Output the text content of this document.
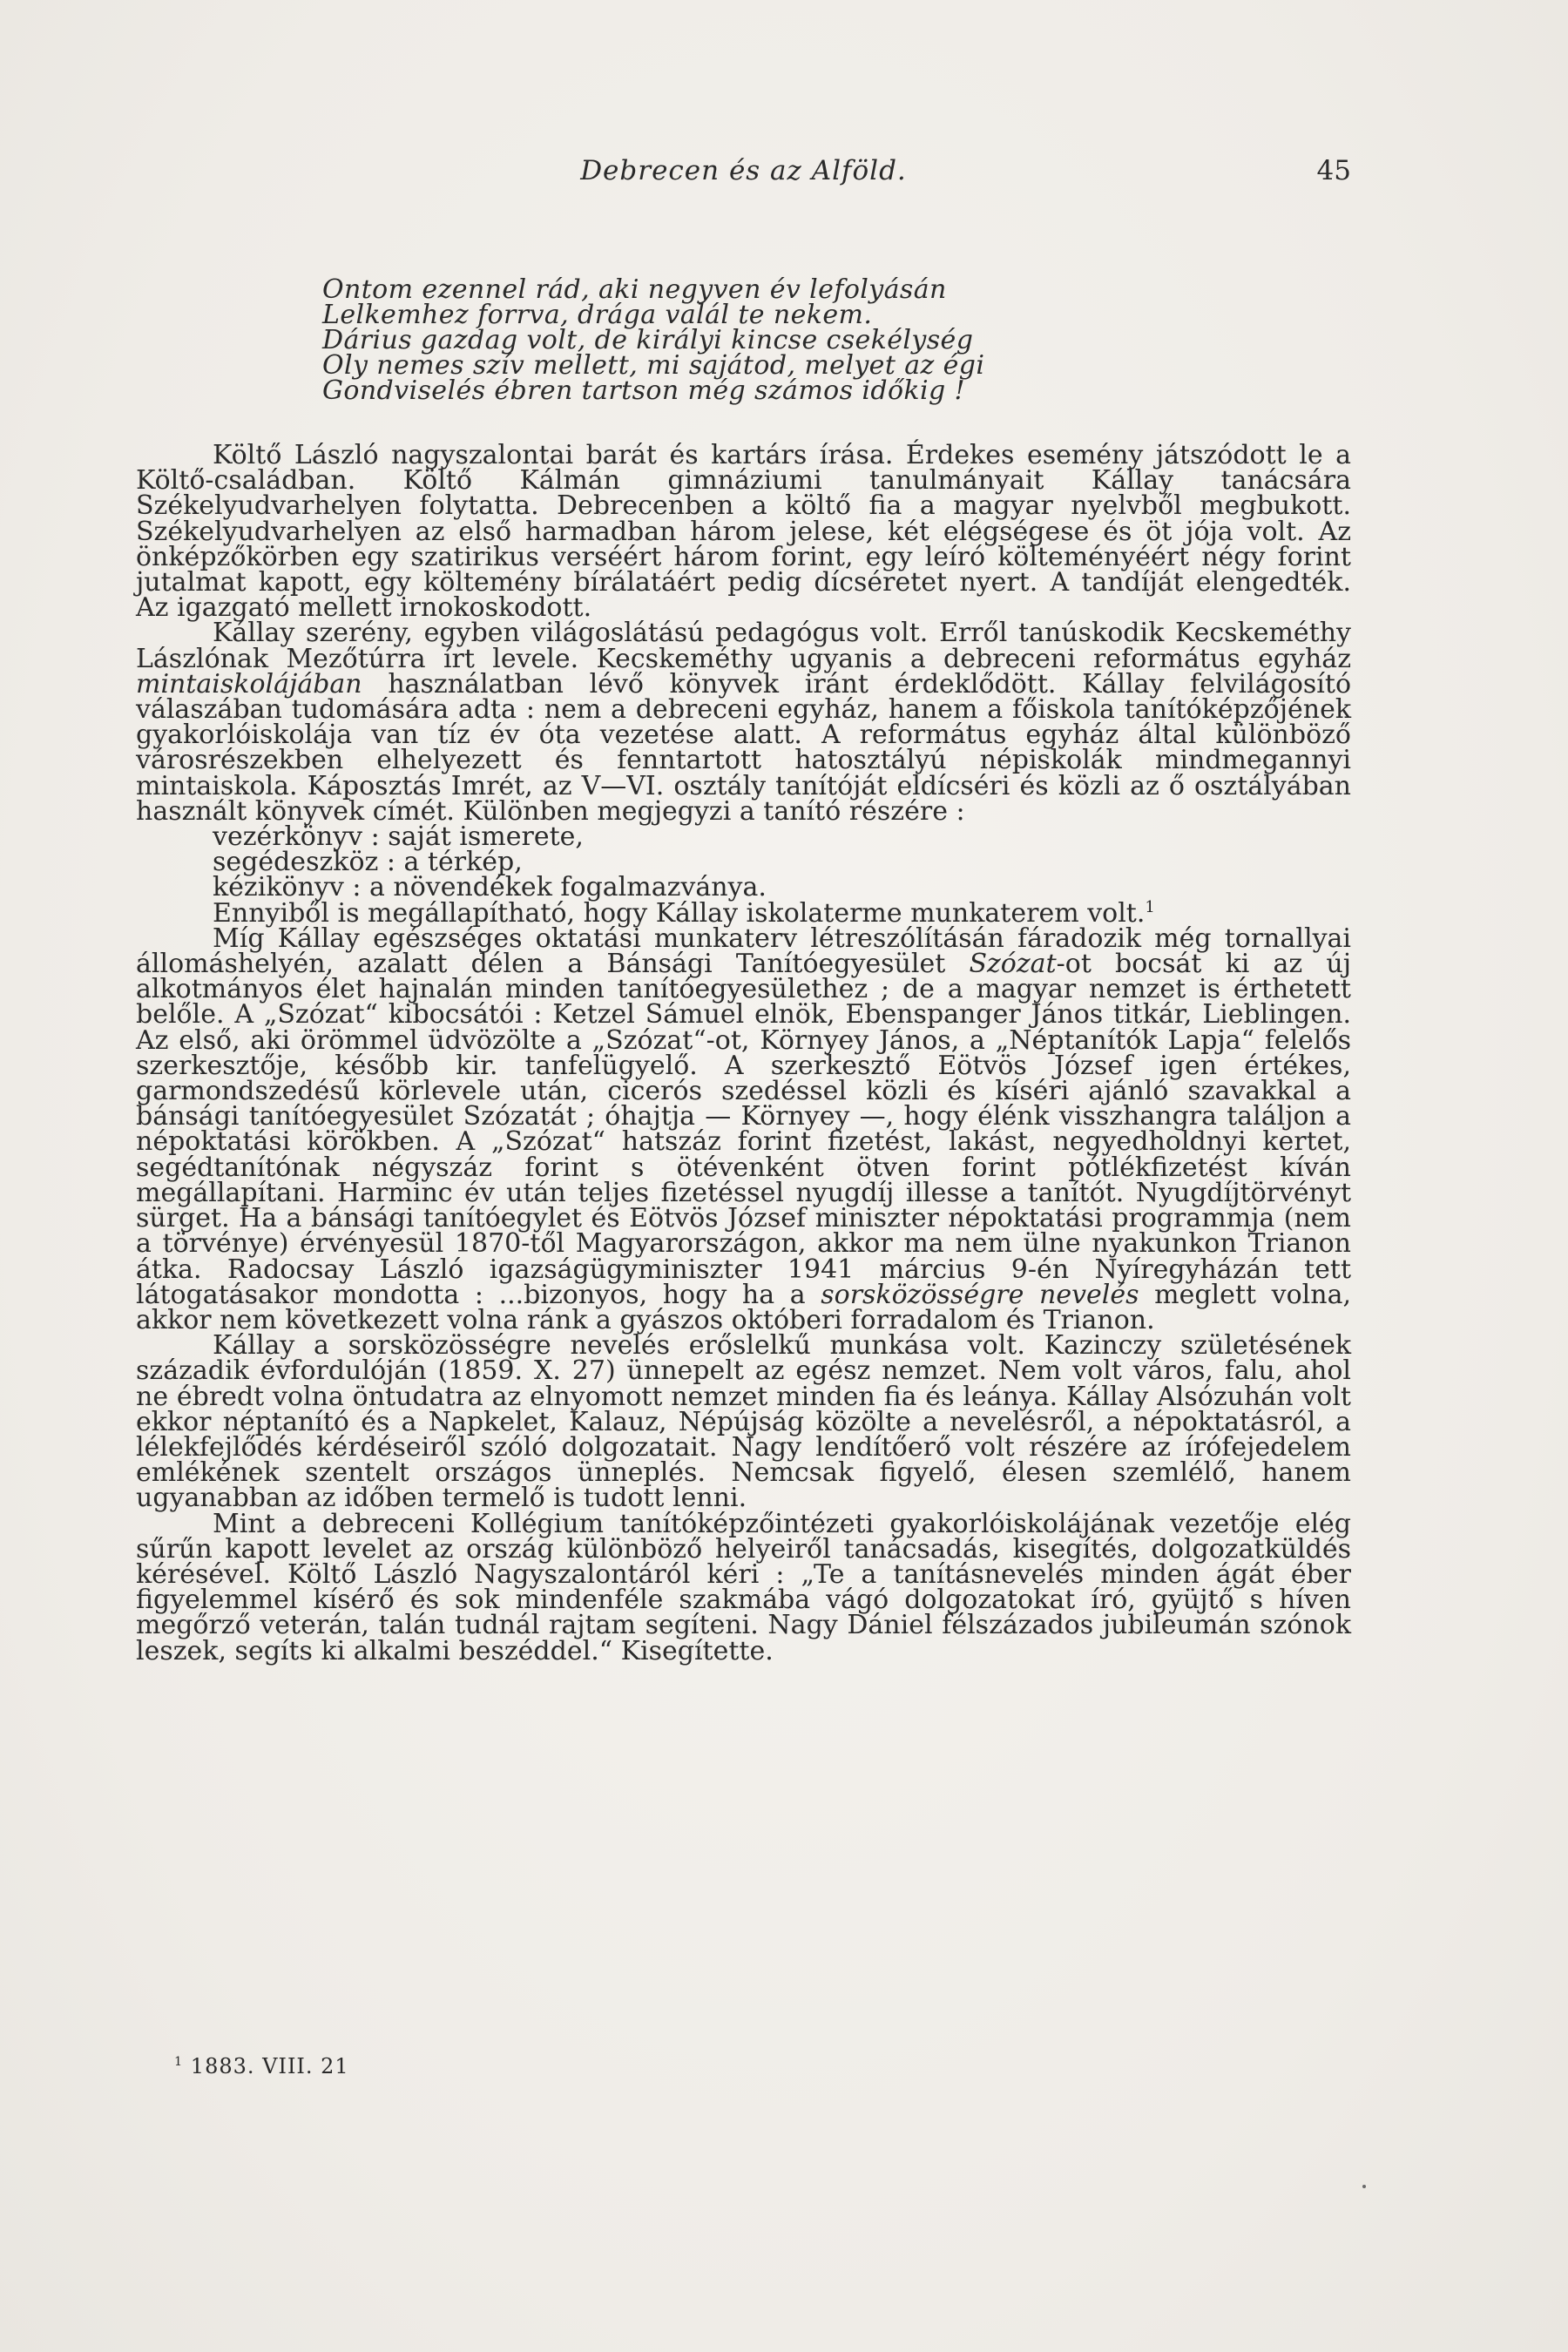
Debrecen és az Alföld.	45
Ontom ezennel rád, aki negyven év lefolyásán
Lelkemhez forrva, drága valál te nekem.
Dárius gazdag volt, de királyi kincse csekélység
Oly nemes szív mellett, mi sajátod, melyet az égi
Gondviselés ébren tartson még számos időkig !

Költő László nagyszalontai barát és kartárs írása. Érdekes esemény játszódott le a Költő-családban. Költő Kálmán gimnáziumi tanulmányait Kállay tanácsára Székelyudvarhelyen folytatta. Debrecenben a költő fia a magyar nyelvből megbukott. Székelyudvarhelyen az első harmadban három jelese, két elégségese és öt jója volt. Az önképzőkörben egy szatirikus verséért három forint, egy leíró költeményéért négy forint jutalmat kapott, egy költemény bírálatáért pedig dícséretet nyert. A tandíját elengedték. Az igazgató mellett irnokoskodott.

Kállay szerény, egyben világoslátású pedagógus volt. Erről tanúskodik Kecskeméthy Lászlónak Mezőtúrra írt levele. Kecskeméthy ugyanis a debreceni református egyház mintaiskolájában használatban lévő könyvek iránt érdeklődött. Kállay felvilágosító válaszában tudomására adta : nem a debreceni egyház, hanem a főiskola tanítóképzőjének gyakorlóiskolája van tíz év óta vezetése alatt. A református egyház által különböző városrészekben elhelyezett és fenntartott hatosztályú népiskolák mindmegannyi mintaiskola. Káposztás Imrét, az V—VI. osztály tanítóját eldícséri és közli az ő osztályában használt könyvek címét. Különben megjegyzi a tanító részére :

vezérkönyv : saját ismerete,
segédeszköz : a térkép,
kézikönyv : a növendékek fogalmazványa.

Ennyiből is megállapítható, hogy Kállay iskolaterme munkaterem volt.$^1$

Míg Kállay egészséges oktatási munkaterv létreszólításán fáradozik még tornallyai állomáshelyén, azalatt délen a Bánsági Tanítóegyesület Szózat-ot bocsát ki az új alkotmányos élet hajnalán minden tanítóegyesülethez ; de a magyar nemzet is érthetett belőle. A „Szózat“ kibocsátói : Ketzel Sámuel elnök, Ebenspanger János titkár, Lieblingen. Az első, aki örömmel üdvözölte a „Szózat“-ot, Környey János, a „Néptanítók Lapja“ felelős szerkesztője, később kir. tanfelügyelő. A szerkesztő Eötvös József igen értékes, garmondszedésű körlevele után, cicerós szedéssel közli és kíséri ajánló szavakkal a bánsági tanítóegyesület Szózatát ; óhajtja — Környey —, hogy élénk visszhangra találjon a népoktatási körökben. A „Szózat“ hatszáz forint fizetést, lakást, negyedholdnyi kertet, segédtanítónak négyszáz forint s ötévenként ötven forint pótlékfizetést kíván megállapítani. Harminc év után teljes fizetéssel nyugdíj illesse a tanítót. Nyugdíjtörvényt sürget. Ha a bánsági tanítóegylet és Eötvös József miniszter népoktatási programmja (nem a törvénye) érvényesül 1870-től Magyarországon, akkor ma nem ülne nyakunkon Trianon átka. Radocsay László igazságügyminiszter 1941 március 9-én Nyíregyházán tett látogatásakor mondotta : ...bizonyos, hogy ha a sorsközösségre nevelés meglett volna, akkor nem következett volna ránk a gyászos októberi forradalom és Trianon.

Kállay a sorsközösségre nevelés erőslelkű munkása volt. Kazinczy születésének századik évfordulóján (1859. X. 27) ünnepelt az egész nemzet. Nem volt város, falu, ahol ne ébredt volna öntudatra az elnyomott nemzet minden fia és leánya. Kállay Alsózuhán volt ekkor néptanító és a Napkelet, Kalauz, Népújság közölte a nevelésről, a népoktatásról, a lélekfejlődés kérdéseiről szóló dolgozatait. Nagy lendítőerő volt részére az írófejedelem emlékének szentelt országos ünneplés. Nemcsak figyelő, élesen szemlélő, hanem ugyanabban az időben termelő is tudott lenni.

Mint a debreceni Kollégium tanítóképzőintézeti gyakorlóiskolájának vezetője elég sűrűn kapott levelet az ország különböző helyeiről tanácsadás, kisegítés, dolgozatküldés kérésével. Költő László Nagyszalontáról kéri : „Te a tanításnevelés minden ágát éber figyelemmel kísérő és sok mindenféle szakmába vágó dolgozatokat író, gyüjtő s híven megőrző veterán, talán tudnál rajtam segíteni. Nagy Dániel félszázados jubileumán szónok leszek, segíts ki alkalmi beszéddel.“ Kisegítette.

$^1$ 1883. VIII. 21
